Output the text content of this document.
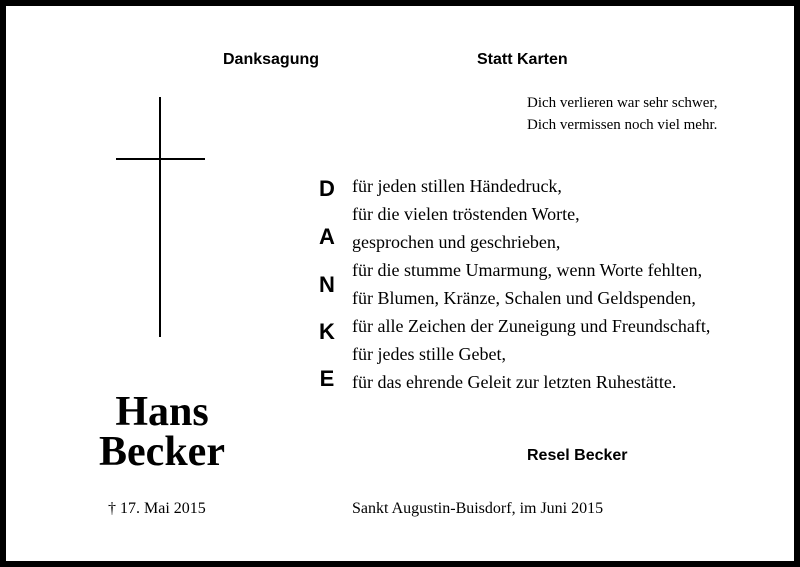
Danksagung	Statt Karten
Dich verlieren war sehr schwer,
Dich vermissen noch viel mehr.
Hans
Becker
† 17. Mai 2015
D
A
N
K
E
für jeden stillen Händedruck,
für die vielen tröstenden Worte,
gesprochen und geschrieben,
für die stumme Umarmung, wenn Worte fehlten,
für Blumen, Kränze, Schalen und Geldspenden,
für alle Zeichen der Zuneigung und Freundschaft,
für jedes stille Gebet,
für das ehrende Geleit zur letzten Ruhestätte.
Resel Becker
Sankt Augustin-Buisdorf, im Juni 2015
